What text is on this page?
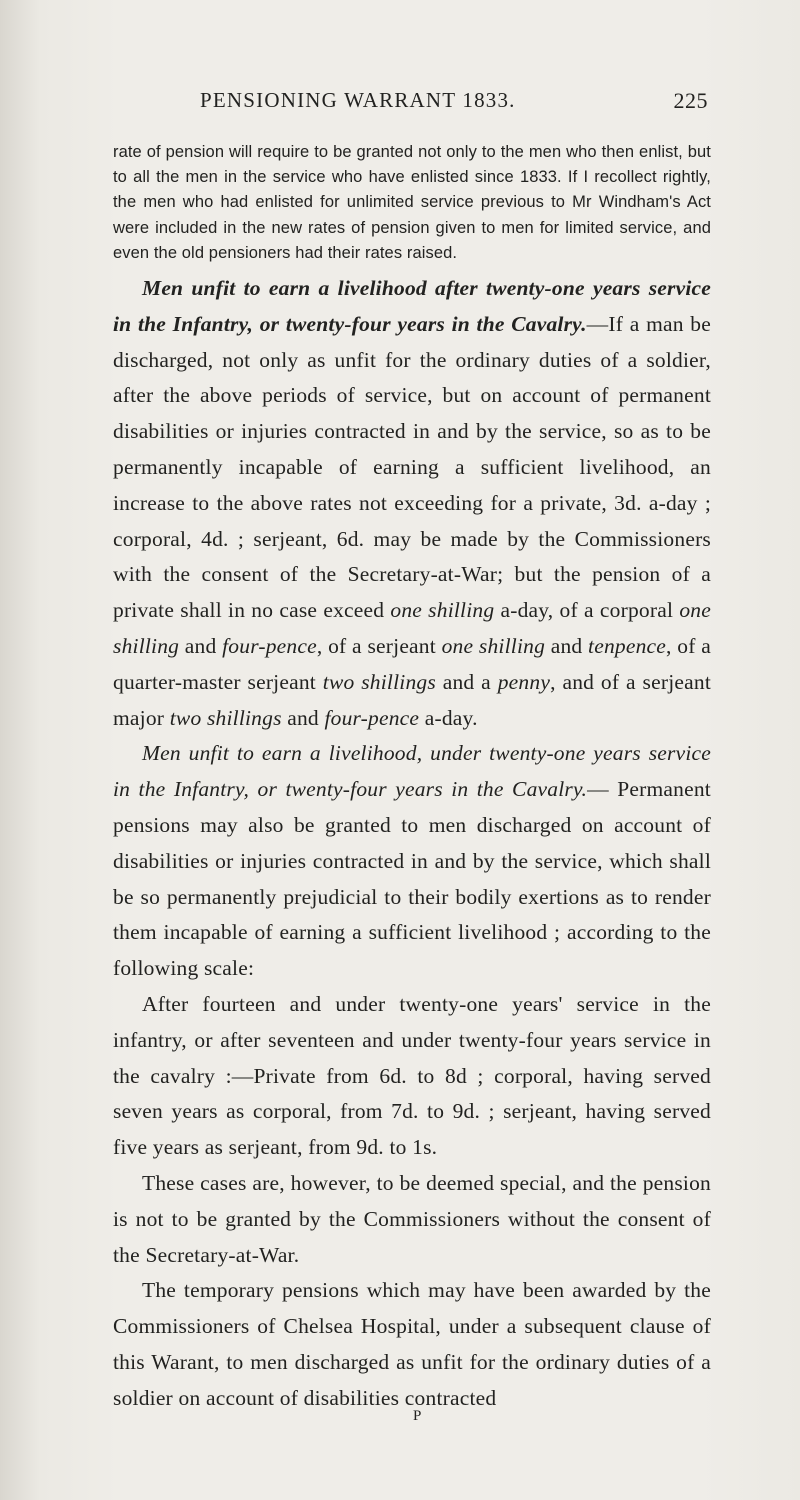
PENSIONING WARRANT 1833.	225

rate of pension will require to be granted not only to the men who then enlist, but to all the men in the service who have enlisted since 1833. If I recollect rightly, the men who had enlisted for unlimited service previous to Mr Windham's Act were included in the new rates of pension given to men for limited service, and even the old pensioners had their rates raised.

Men unfit to earn a livelihood after twenty-one years service in the Infantry, or twenty-four years in the Cavalry.—If a man be discharged, not only as unfit for the ordinary duties of a soldier, after the above periods of service, but on account of permanent disabilities or injuries contracted in and by the service, so as to be permanently incapable of earning a sufficient livelihood, an increase to the above rates not exceeding for a private, 3d. a-day ; corporal, 4d. ; serjeant, 6d. may be made by the Commissioners with the consent of the Secretary-at-War; but the pension of a private shall in no case exceed one shilling a-day, of a corporal one shilling and four-pence, of a serjeant one shilling and tenpence, of a quarter-master serjeant two shillings and a penny, and of a serjeant major two shillings and four-pence a-day.

Men unfit to earn a livelihood, under twenty-one years service in the Infantry, or twenty-four years in the Cavalry.— Permanent pensions may also be granted to men discharged on account of disabilities or injuries contracted in and by the service, which shall be so permanently prejudicial to their bodily exertions as to render them incapable of earning a sufficient livelihood ; according to the following scale:

After fourteen and under twenty-one years' service in the infantry, or after seventeen and under twenty-four years service in the cavalry :—Private from 6d. to 8d ; corporal, having served seven years as corporal, from 7d. to 9d. ; serjeant, having served five years as serjeant, from 9d. to 1s.

These cases are, however, to be deemed special, and the pension is not to be granted by the Commissioners without the consent of the Secretary-at-War.

The temporary pensions which may have been awarded by the Commissioners of Chelsea Hospital, under a subsequent clause of this Warant, to men discharged as unfit for the ordinary duties of a soldier on account of disabilities contracted

P
